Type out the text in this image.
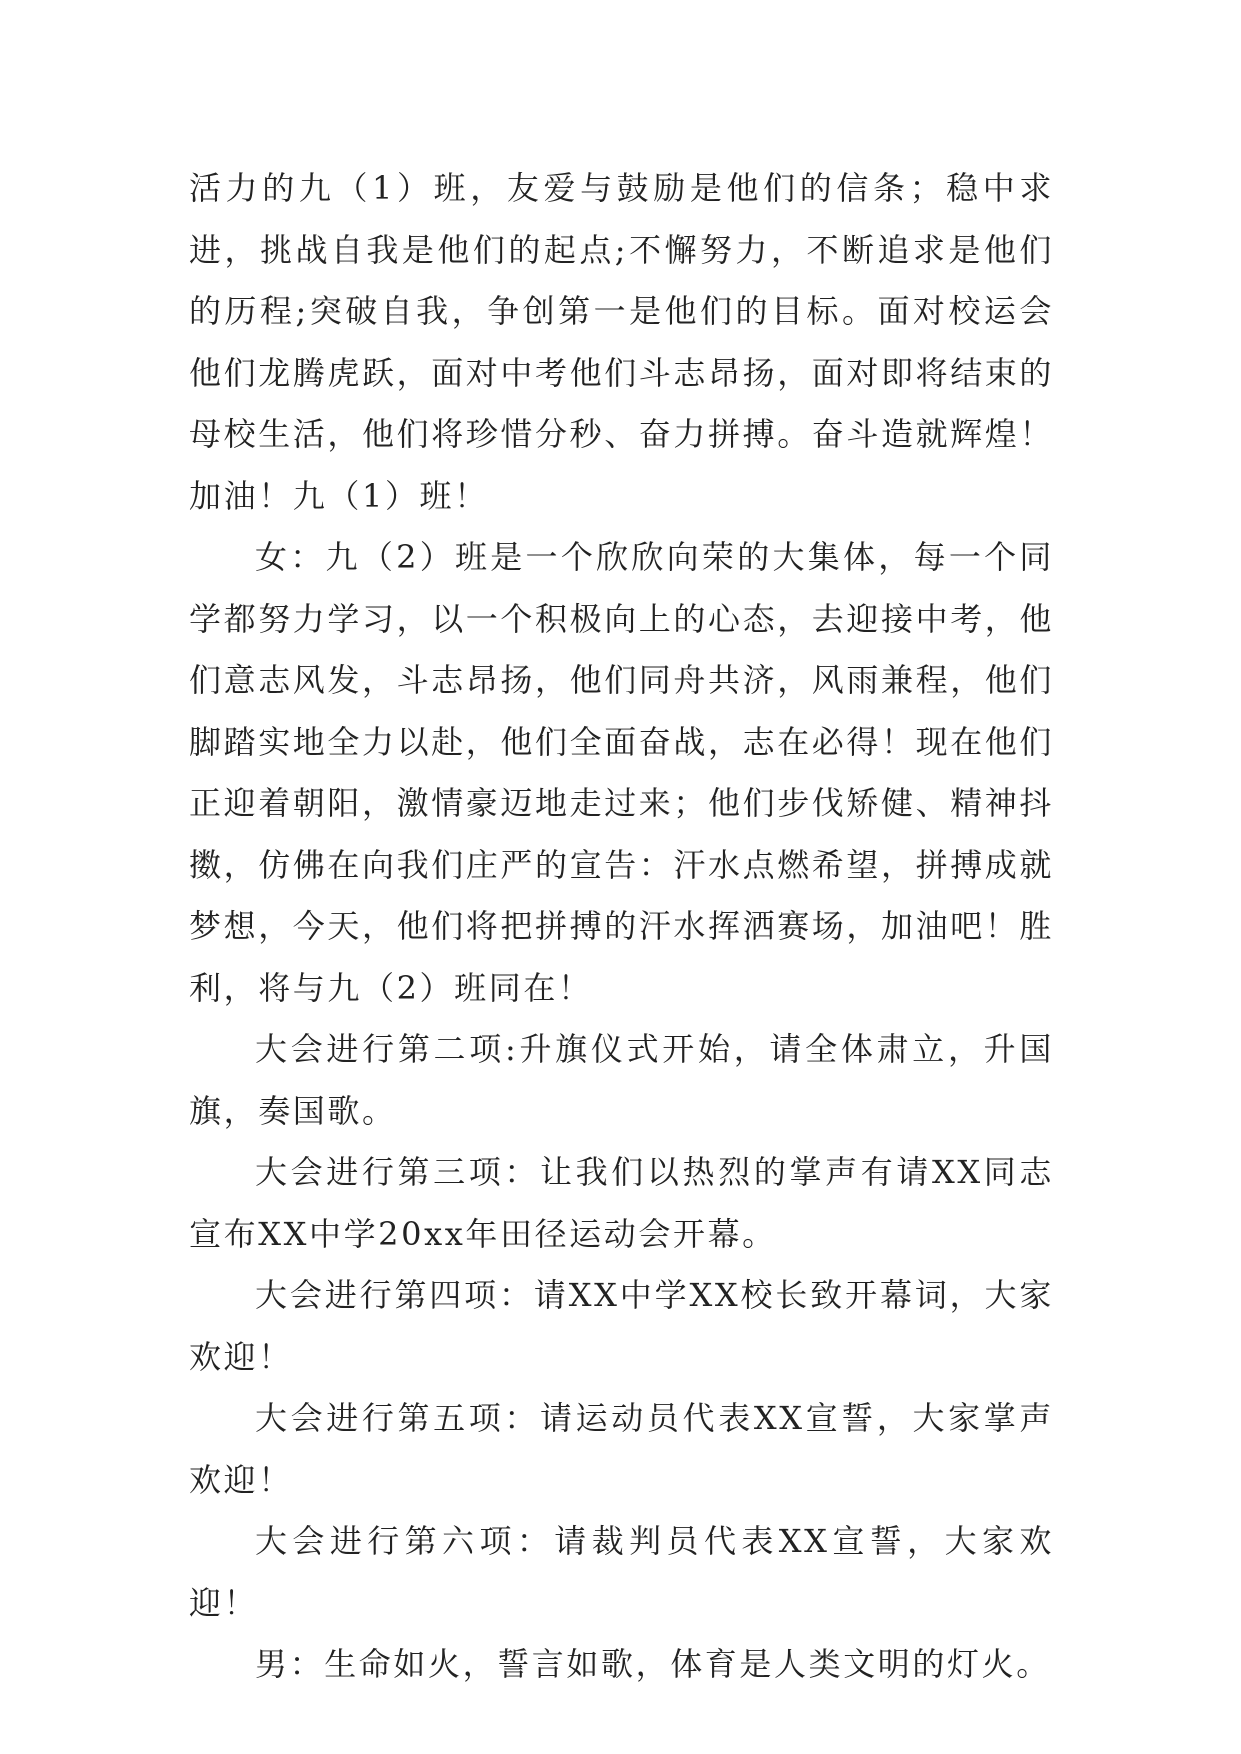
活力的九（1）班，友爱与鼓励是他们的信条；稳中求进，挑战自我是他们的起点;不懈努力，不断追求是他们的历程;突破自我，争创第一是他们的目标。面对校运会他们龙腾虎跃，面对中考他们斗志昂扬，面对即将结束的母校生活，他们将珍惜分秒、奋力拼搏。奋斗造就辉煌！加油！九（1）班！

女：九（2）班是一个欣欣向荣的大集体，每一个同学都努力学习，以一个积极向上的心态，去迎接中考，他们意志风发，斗志昂扬，他们同舟共济，风雨兼程，他们脚踏实地全力以赴，他们全面奋战，志在必得！现在他们正迎着朝阳，激情豪迈地走过来；他们步伐矫健、精神抖擞，仿佛在向我们庄严的宣告：汗水点燃希望，拼搏成就梦想，今天，他们将把拼搏的汗水挥洒赛场，加油吧！胜利，将与九（2）班同在！

大会进行第二项:升旗仪式开始，请全体肃立，升国旗，奏国歌。

大会进行第三项：让我们以热烈的掌声有请XX同志宣布XX中学20xx年田径运动会开幕。

大会进行第四项：请XX中学XX校长致开幕词，大家欢迎！

大会进行第五项：请运动员代表XX宣誓，大家掌声欢迎！

大会进行第六项：请裁判员代表XX宣誓，大家欢迎！

男：生命如火，誓言如歌，体育是人类文明的灯火。
